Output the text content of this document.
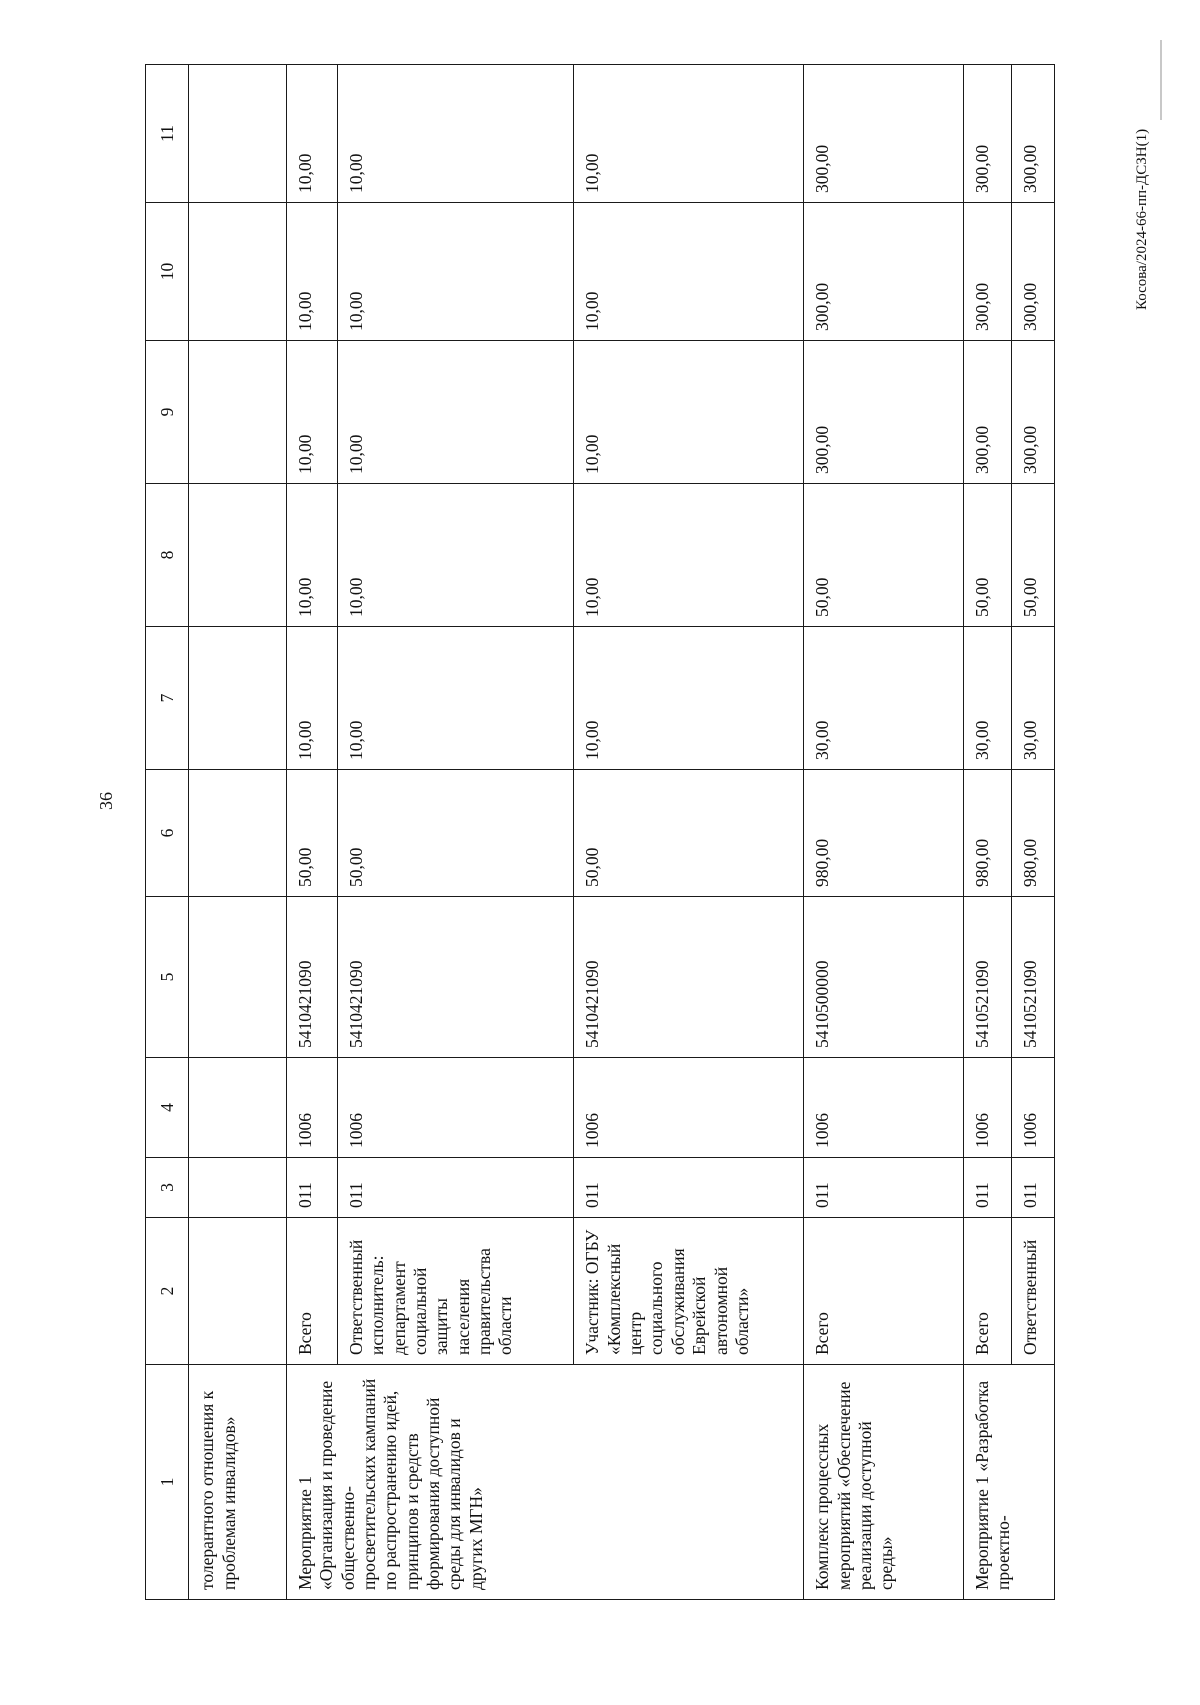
36
Косова/2024-66-пп-ДСЗН(1)
1	2	3	4	5	6	7	8	9	10	11
толерантного отношения к проблемам инвалидов»										
Мероприятие 1 «Организация и проведение общественно-просветительских кампаний по распространению идей, принципов и средств формирования доступной среды для инвалидов и других МГН»	Всего	011	1006	5410421090	50,00	10,00	10,00	10,00	10,00	10,00
	Ответственный исполнитель: департамент социальной защиты населения правительства области	011	1006	5410421090	50,00	10,00	10,00	10,00	10,00	10,00
	Участник: ОГБУ «Комплексный центр социального обслуживания Еврейской автономной области»	011	1006	5410421090	50,00	10,00	10,00	10,00	10,00	10,00
Комплекс процессных мероприятий «Обеспечение реализации доступной среды»	Всего	011	1006	5410500000	980,00	30,00	50,00	300,00	300,00	300,00
Мероприятие 1 «Разработка проектно-	Всего	011	1006	5410521090	980,00	30,00	50,00	300,00	300,00	300,00
	Ответственный	011	1006	5410521090	980,00	30,00	50,00	300,00	300,00	300,00
